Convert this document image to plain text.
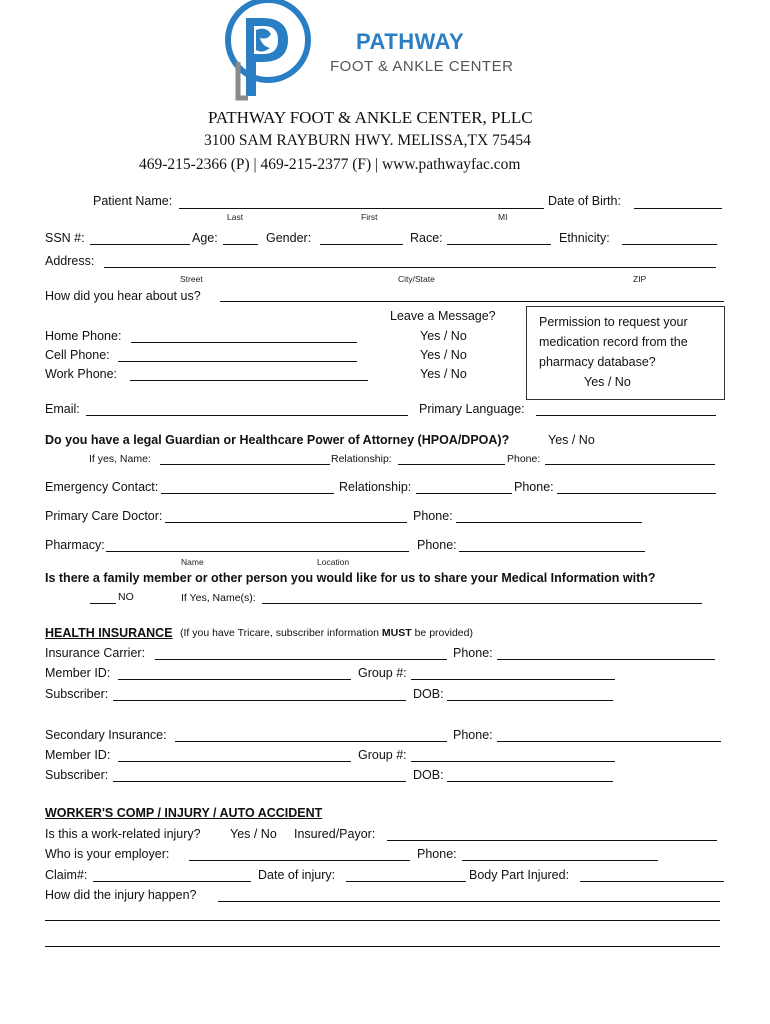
PATHWAY
FOOT & ANKLE CENTER
PATHWAY FOOT & ANKLE CENTER, PLLC
3100 SAM RAYBURN HWY. MELISSA,TX 75454
469-215-2366 (P) | 469-215-2377 (F) | www.pathwayfac.com
Patient Name:	Date of Birth:
Last	First	MI
SSN #:	Age:	Gender:	Race:	Ethnicity:
Address:
Street	City/State	ZIP
How did you hear about us?
Leave a Message?
Home Phone:	Yes / No
Cell Phone:	Yes / No
Work Phone:	Yes / No
Permission to request your
medication record from the
pharmacy database?
Yes / No
Email:	Primary Language:
Do you have a legal Guardian or Healthcare Power of Attorney (HPOA/DPOA)?	Yes / No
If yes, Name:	Relationship:	Phone:
Emergency Contact:	Relationship:	Phone:
Primary Care Doctor:	Phone:
Pharmacy:	Phone:
Name	Location
Is there a family member or other person you would like for us to share your Medical Information with?
NO	If Yes, Name(s):
HEALTH INSURANCE (If you have Tricare, subscriber information MUST be provided)
Insurance Carrier:	Phone:
Member ID:	Group #:
Subscriber:	DOB:
Secondary Insurance:	Phone:
Member ID:	Group #:
Subscriber:	DOB:
WORKER'S COMP / INJURY / AUTO ACCIDENT
Is this a work-related injury? Yes / No Insured/Payor:
Who is your employer:	Phone:
Claim#:	Date of injury:	Body Part Injured:
How did the injury happen?
